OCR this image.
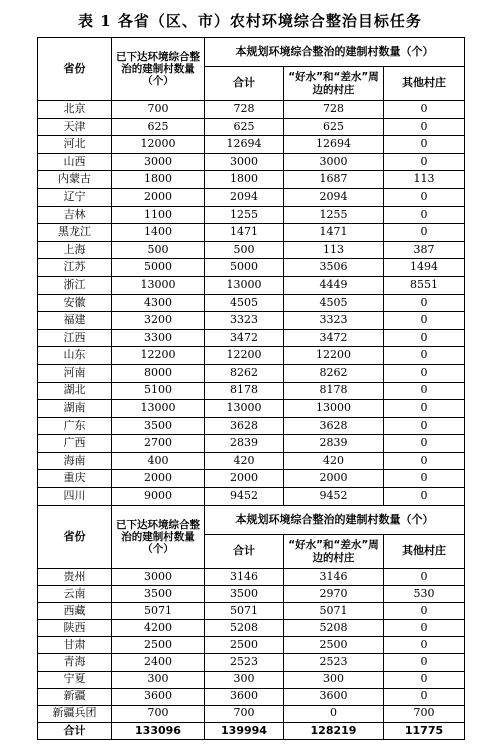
表 1 各省（区、市）农村环境综合整治目标任务
省份	已下达环境综合整治的建制村数量（个）	本规划环境综合整治的建制村数量（个）		
		合计	“好水”和“差水”周边的村庄	其他村庄
北京	700	728	728	0
天津	625	625	625	0
河北	12000	12694	12694	0
山西	3000	3000	3000	0
内蒙古	1800	1800	1687	113
辽宁	2000	2094	2094	0
吉林	1100	1255	1255	0
黑龙江	1400	1471	1471	0
上海	500	500	113	387
江苏	5000	5000	3506	1494
浙江	13000	13000	4449	8551
安徽	4300	4505	4505	0
福建	3200	3323	3323	0
江西	3300	3472	3472	0
山东	12200	12200	12200	0
河南	8000	8262	8262	0
湖北	5100	8178	8178	0
湖南	13000	13000	13000	0
广东	3500	3628	3628	0
广西	2700	2839	2839	0
海南	400	420	420	0
重庆	2000	2000	2000	0
四川	9000	9452	9452	0
省份	已下达环境综合整治的建制村数量（个）	本规划环境综合整治的建制村数量（个）		
		合计	“好水”和“差水”周边的村庄	其他村庄
贵州	3000	3146	3146	0
云南	3500	3500	2970	530
西藏	5071	5071	5071	0
陕西	4200	5208	5208	0
甘肃	2500	2500	2500	0
青海	2400	2523	2523	0
宁夏	300	300	300	0
新疆	3600	3600	3600	0
新疆兵团	700	700	0	700
合计	133096	139994	128219	11775
